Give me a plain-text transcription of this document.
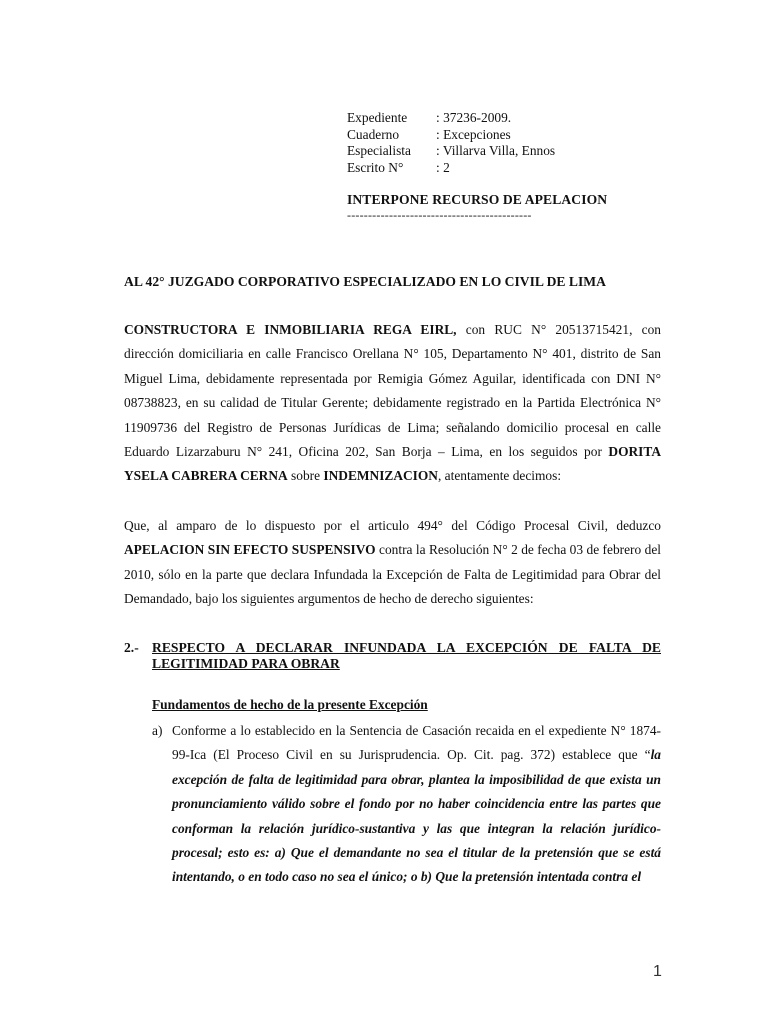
Expediente	: 37236-2009.
Cuaderno	: Excepciones
Especialista	: Villarva Villa, Ennos
Escrito N°	: 2
INTERPONE RECURSO DE APELACION
--------------------------------------------
AL 42° JUZGADO CORPORATIVO ESPECIALIZADO EN LO CIVIL DE LIMA
CONSTRUCTORA E INMOBILIARIA REGA EIRL, con RUC N° 20513715421, con dirección domiciliaria en calle Francisco Orellana N° 105, Departamento N° 401, distrito de San Miguel Lima, debidamente representada por Remigia Gómez Aguilar, identificada con DNI N° 08738823, en su calidad de Titular Gerente; debidamente registrado en la Partida Electrónica N° 11909736 del Registro de Personas Jurídicas de Lima; señalando domicilio procesal en calle Eduardo Lizarzaburu N° 241, Oficina 202, San Borja – Lima, en los seguidos por DORITA YSELA CABRERA CERNA sobre INDEMNIZACION, atentamente decimos:
Que, al amparo de lo dispuesto por el articulo 494° del Código Procesal Civil, deduzco APELACION SIN EFECTO SUSPENSIVO contra la Resolución N° 2 de fecha 03 de febrero del 2010, sólo en la parte que declara Infundada la Excepción de Falta de Legitimidad para Obrar del Demandado, bajo los siguientes argumentos de hecho de derecho siguientes:
2.- RESPECTO A DECLARAR INFUNDADA LA EXCEPCIÓN DE FALTA DE
LEGITIMIDAD PARA OBRAR
Fundamentos de hecho de la presente Excepción
a) Conforme a lo establecido en la Sentencia de Casación recaida en el expediente N° 1874-99-Ica (El Proceso Civil en su Jurisprudencia. Op. Cit. pag. 372) establece que “la excepción de falta de legitimidad para obrar, plantea la imposibilidad de que exista un pronunciamiento válido sobre el fondo por no haber coincidencia entre las partes que conforman la relación jurídico-sustantiva y las que integran la relación jurídico-procesal; esto es: a) Que el demandante no sea el titular de la pretensión que se está intentando, o en todo caso no sea el único; o b) Que la pretensión intentada contra el
1
